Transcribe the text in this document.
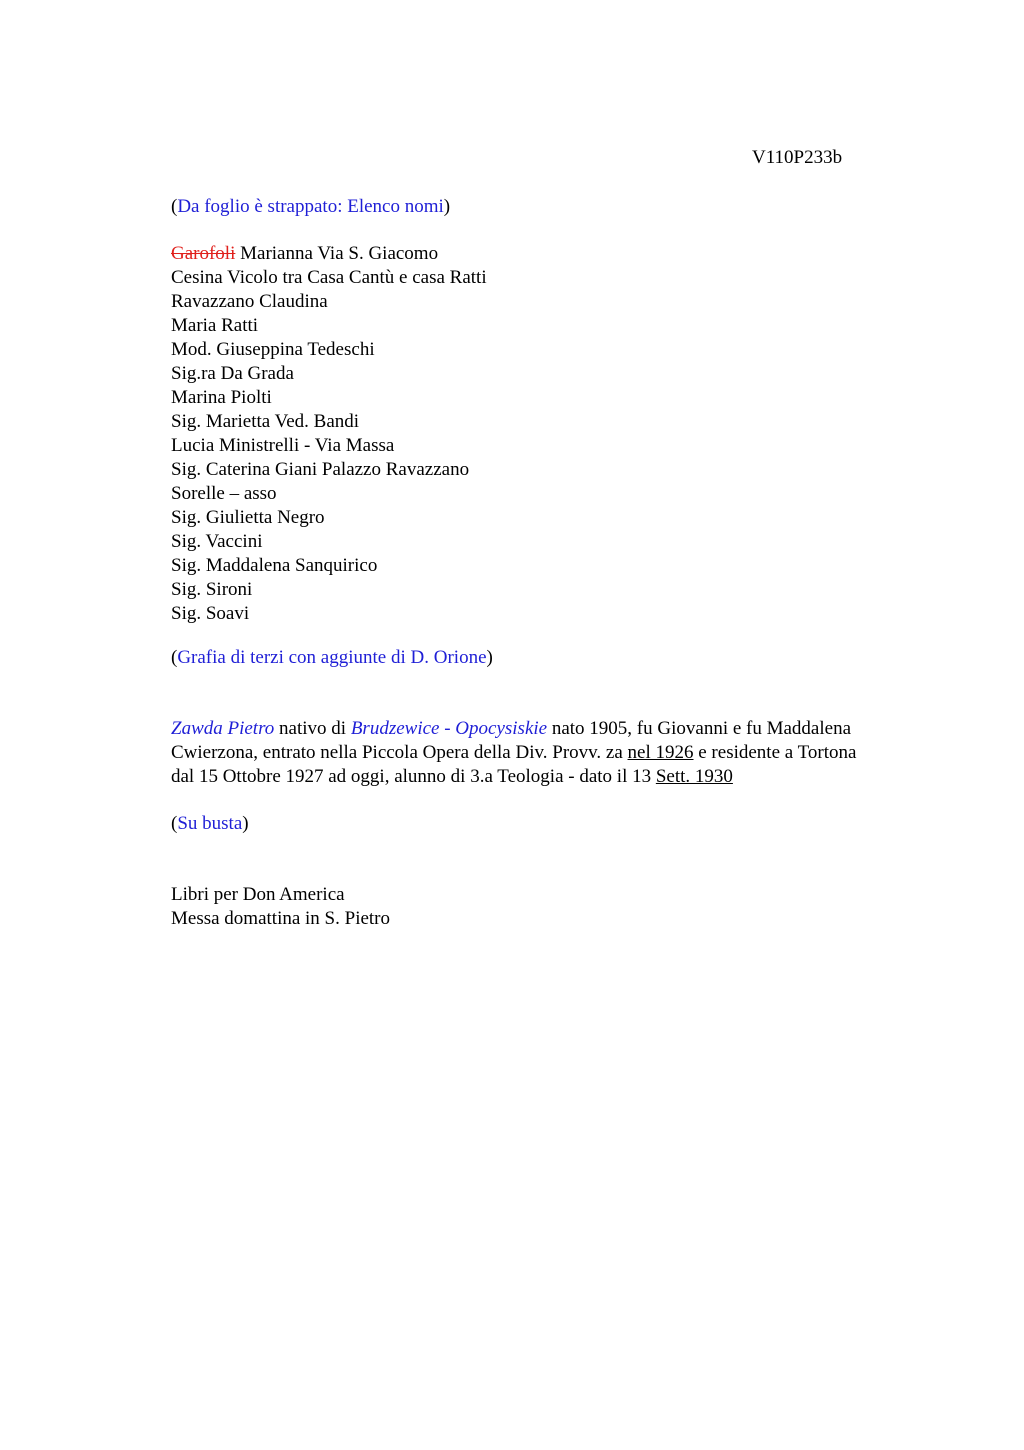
V110P233b
(Da foglio è strappato: Elenco nomi)
Garofoli Marianna Via S. Giacomo
Cesina Vicolo tra Casa Cantù e casa Ratti
Ravazzano Claudina
Maria Ratti
Mod. Giuseppina Tedeschi
Sig.ra Da Grada
Marina Piolti
Sig. Marietta Ved. Bandi
Lucia Ministrelli - Via Massa
Sig. Caterina Giani Palazzo Ravazzano
Sorelle – asso
Sig. Giulietta Negro
Sig. Vaccini
Sig. Maddalena Sanquirico
Sig. Sironi
Sig. Soavi
(Grafia di terzi con aggiunte di D. Orione)
Zawda Pietro nativo di Brudzewice - Opocysiskie nato 1905, fu Giovanni e fu Maddalena
Cwierzona, entrato nella Piccola Opera della Div. Provv. za nel 1926 e residente a Tortona
dal 15 Ottobre 1927 ad oggi, alunno di 3.a Teologia - dato il 13 Sett. 1930
(Su busta)
Libri per Don America
Messa domattina in S. Pietro
